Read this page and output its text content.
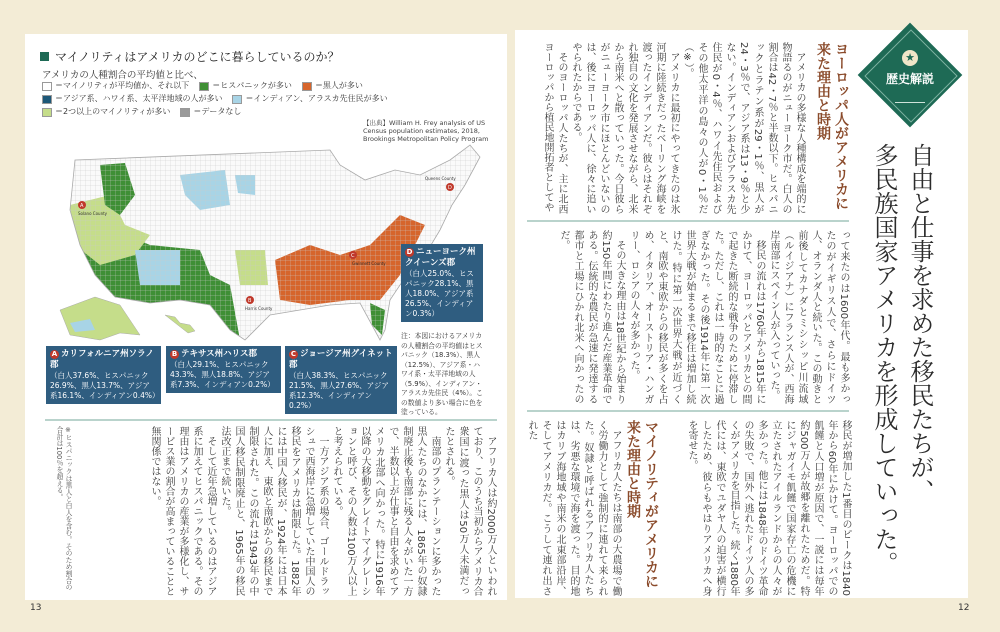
マイノリティはアメリカのどこに暮らしているのか？
アメリカの人種割合の平均値と比べ、
＝マイノリティが平均値か、それ以下	＝ヒスパニックが多い	＝黒人が多い
＝アジア系、ハワイ系、太平洋地域の人が多い	＝インディアン、アラスカ先住民が多い
＝2つ以上のマイノリティが多い	＝データなし
【出典】William H. Frey analysis of US Census population estimates, 2018, Brookings Metropolitan Policy Program
A
Solano County
B
Harris County
C
Gwinnett County
D
Queens County
A カリフォルニア州ソラノ郡
（白人37.6%、ヒスパニック26.9%、黒人13.7%、アジア系16.1%、インディアン0.4%）
B テキサス州ハリス郡
（白人29.1%、ヒスパニック43.3%、黒人18.8%、アジア系7.3%、インディアン0.2%）
C ジョージア州グイネット郡
（白人38.3%、ヒスパニック21.5%、黒人27.6%、アジア系12.3%、インディアン0.2%）
D ニューヨーク州クイーンズ郡
（白人25.0%、ヒスパニック28.1%、黒人18.0%、アジア系26.5%、インディアン0.3%）
注：本図におけるアメリカの人種割合の平均値はヒスパニック（18.3%）、黒人（12.5%）、アジア系・ハワイ系・太平洋地域の人（5.9%）、インディアン・アラスカ先住民（4%）。この数値より多い場合に色を塗っている。

アフリカ人は約2000万人といわれており、このうち当初からアメリカ合衆国に渡った黒人は50万人未満だったとされる。

南部のプランテーションに多かった黒人たちのなかには、1865年の奴隷制廃止後も南部に残る人々がいた一方で、半数以上が仕事と自由を求めてアメリカ北部へ向かった。特に1916年以降の大移動をグレイトマイグレーションと呼び、その人数は100万人以上と考えられている。

一方アジア系の場合、ゴールドラッシュで西海岸に急増していた中国人の移民をアメリカは制限した。1882年には中国人移民が、1924年には日本人に加え、東欧と南欧からの移民まで制限された。この流れは1943年の中国人移民制限廃止と、1965年の移民法改正まで続いた。

そして近年急増しているのはアジア系に加えてヒスパニックである。その理由はアメリカの産業が多様化し、サービス業の割合が高まっていることと無関係ではない。

※ヒスパニックは黒人と白人を含む。そのため割合の合計は100％を超える。
13
★
歴史解説
自由と仕事を求めた移民たちが、
多民族国家アメリカを形成していった。
ヨーロッパ人がアメリカに来た理由と時期

アメリカの多様な人種構成を端的に物語るのがニューヨーク市だ。白人の割合は42・7％と半数以下。ヒスパニックとラテン系が29・1％、黒人が24・3％で、アジア系は13・9％と少ない。インディアンおよびアラスカ先住民が0・4％、ハワイ先住民およびその他太平洋の島々の人が0・1％だ（※）。

アメリカに最初にやってきたのは氷河期に陸続きだったベーリング海峡を渡ったインディアンだ。彼らはそれぞれ独自の文化を発展させながら、北米から南米へと散っていった。今日彼らがニューヨーク市にほとんどいないのは、後にヨーロッパ人に、徐々に追いやられたからである。

そのヨーロッパ人たちが、主に北西ヨーロッパから植民地開拓者としてや

って来たのは1600年代。最も多かったのがイギリス人で、さらにドイツ人、オランダ人と続いた。この動きと前後してカナダとミシシッピ川流域（ルイジアナ）にフランス人が、西海岸南部にスペイン人が入っていった。

移民の流れは1760年から1815年にかけて、ヨーロッパとアメリカとの間で起きた断続的な戦争のために停滞した。ただし、これは一時的なことに過ぎなかった。その後1914年に第一次世界大戦が始まるまで移住は増加し続けた。特に第一次世界大戦が近づくと、南欧や東欧からの移民が多くを占め、イタリア、オーストリア・ハンガリー、ロシアの人々が多かった。

その大きな理由は18世紀から始まり約150年間にわたり進んだ産業革命である。伝統的な農民が急速に発達する都市と工場にひかれ北米へ向かったのだ。

移民が増加した1番目のピークは1840年から60年にかけて。ヨーロッパでの飢饉と人口増が原因で、一説には毎年約500万人が故郷を離れたためだ。特にジャガイモ飢饉で国家存亡の危機に立たされたアイルランドからの人々が多かった。他には1848年のドイツ革命の失敗で、国外へ逃れたドイツ人の多くがアメリカを目指した。続く1880年代には、東欧でユダヤ人の迫害が横行したため、彼らもやはりアメリカへ身を寄せた。

マイノリティがアメリカに来た理由と時期

アフリカ人たちは南部の大農場で働く労働力として強制的に連れて来られた。奴隷と呼ばれるアフリカ人たちは、劣悪な環境で海を渡った。目的地はカリブ海地域や南米の北東部沿岸、そしてアメリカだ。こうして連れ出された

12
